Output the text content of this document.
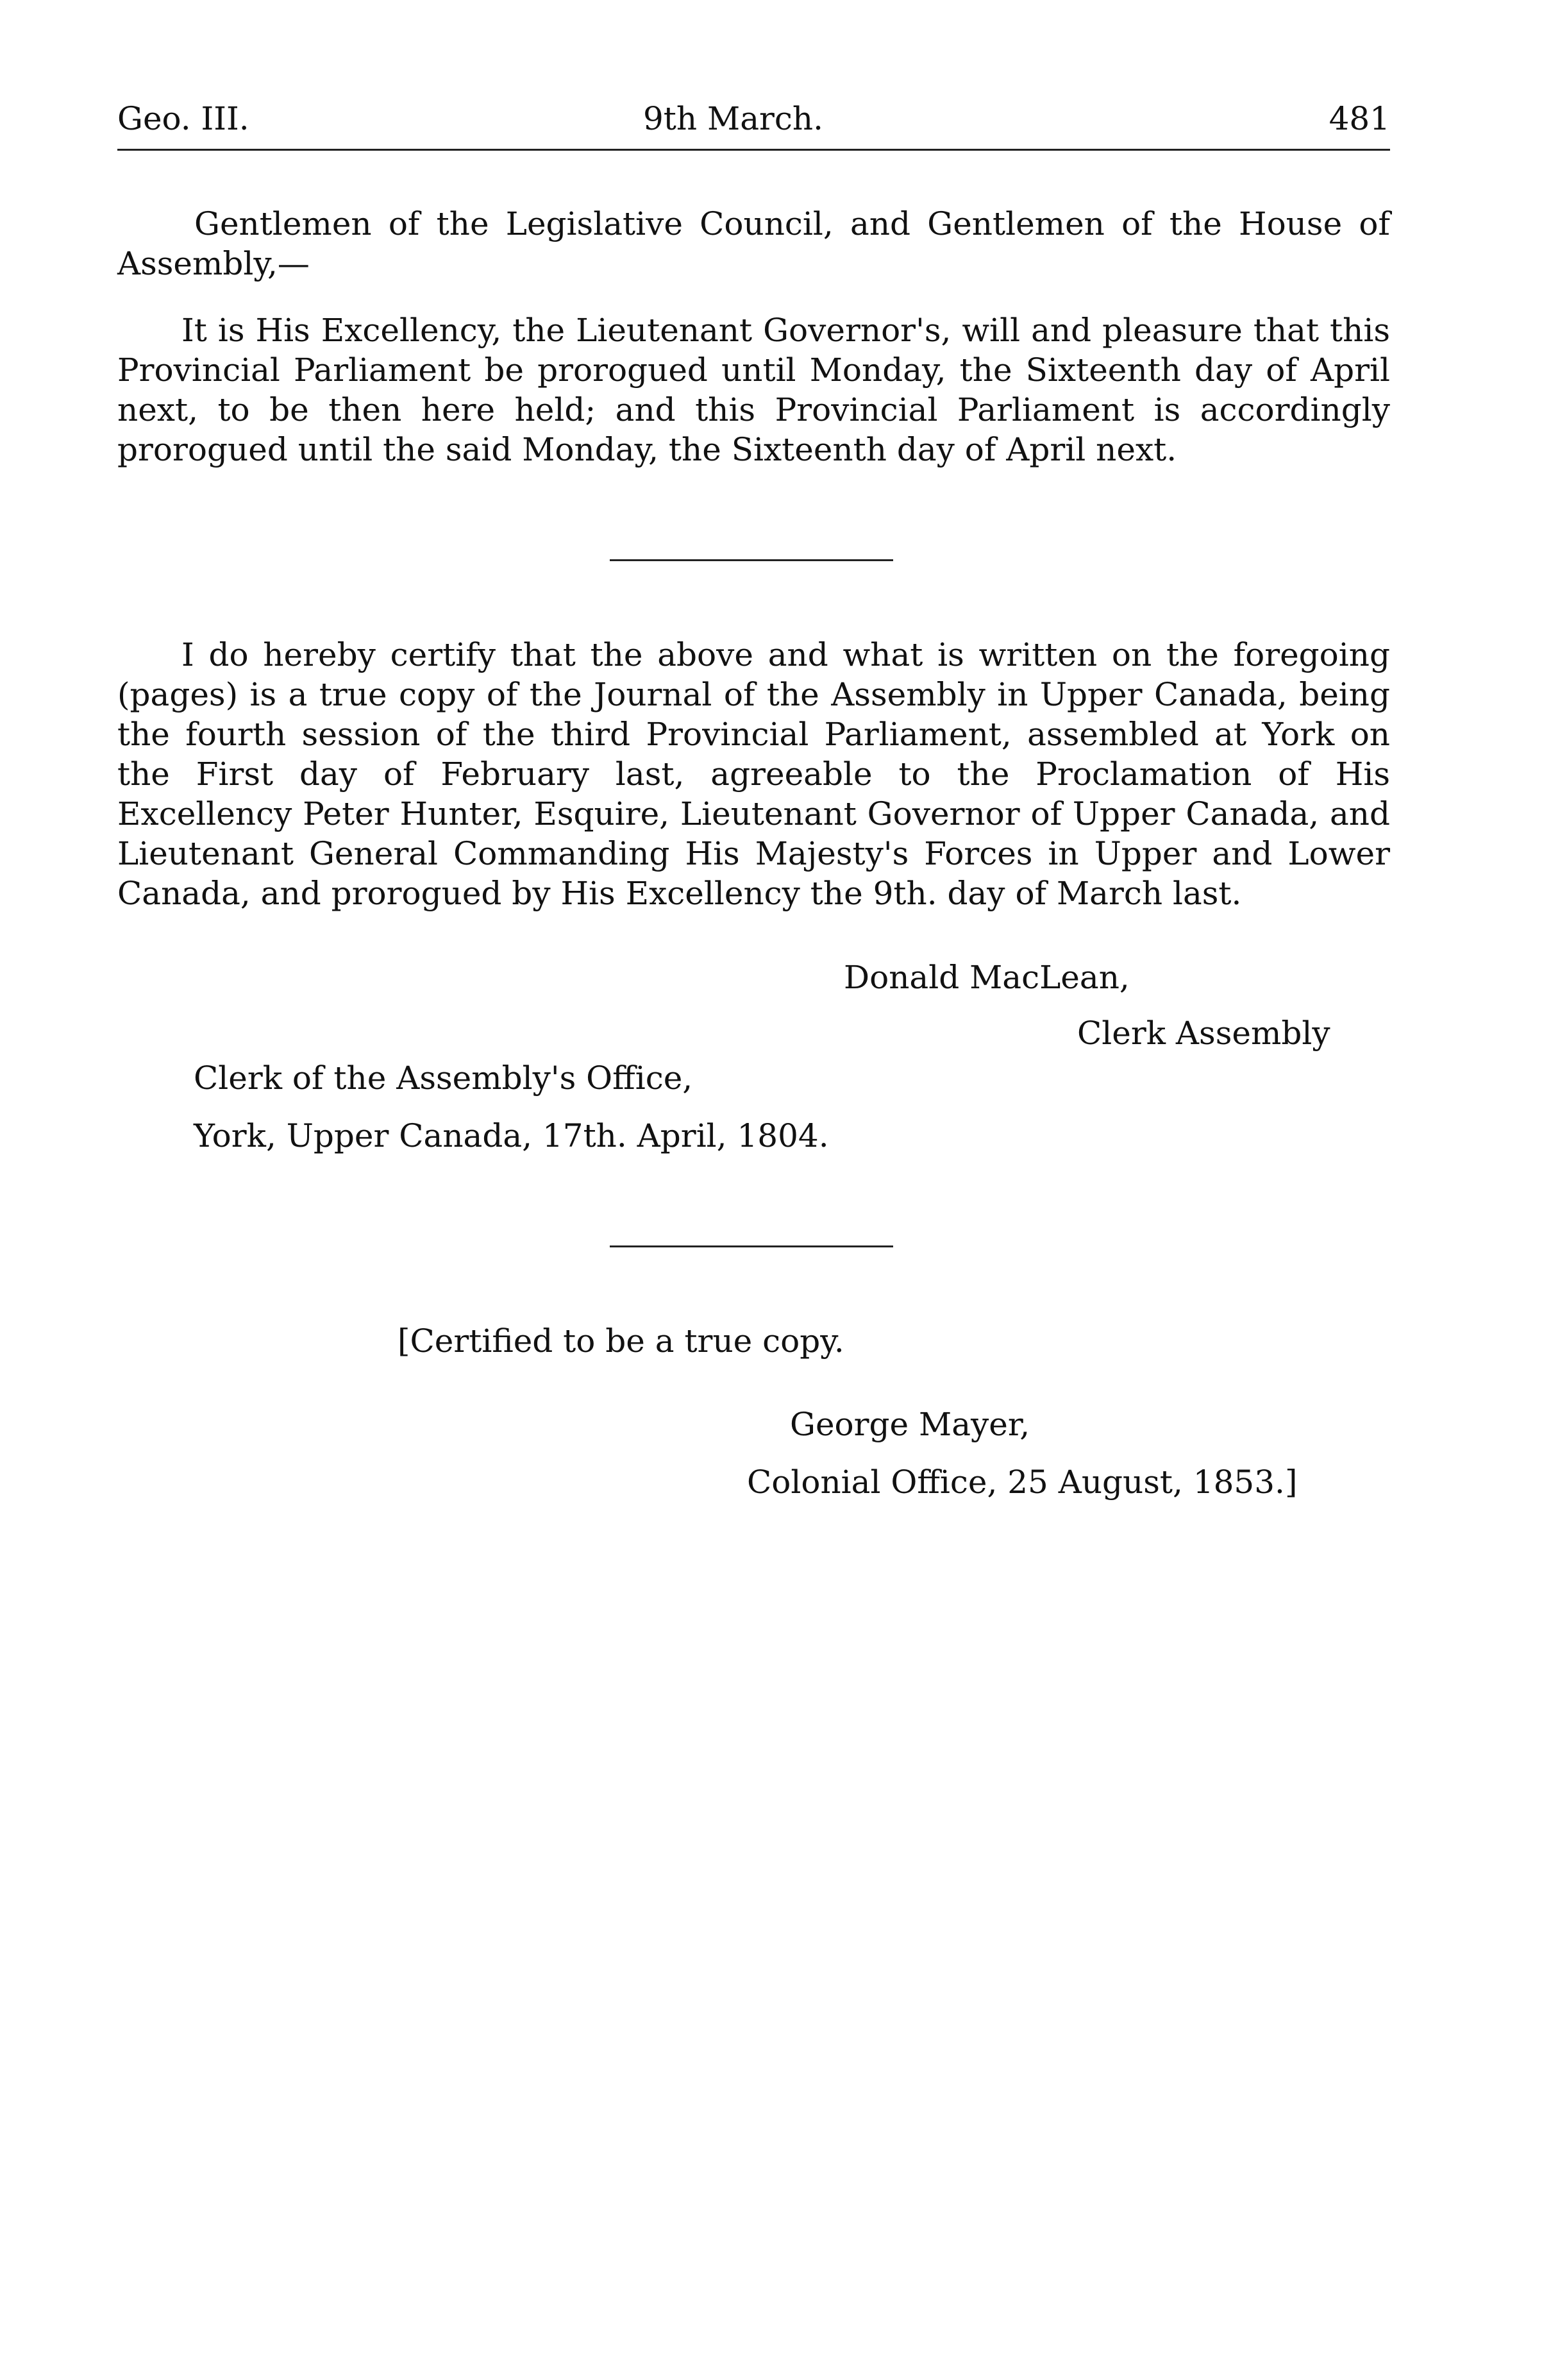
Geo. III.	9th March.	481

Gentlemen of the Legislative Council, and Gentlemen of the House of Assembly,—

It is His Excellency, the Lieutenant Governor's, will and pleasure that this Provincial Parliament be prorogued until Monday, the Sixteenth day of April next, to be then here held; and this Provincial Parliament is accordingly prorogued until the said Monday, the Sixteenth day of April next.

I do hereby certify that the above and what is written on the foregoing (pages) is a true copy of the Journal of the Assembly in Upper Canada, being the fourth session of the third Provincial Parliament, assembled at York on the First day of February last, agreeable to the Proclamation of His Excellency Peter Hunter, Esquire, Lieutenant Governor of Upper Canada, and Lieutenant General Commanding His Majesty's Forces in Upper and Lower Canada, and prorogued by His Excellency the 9th. day of March last.

Donald MacLean,
Clerk Assembly
Clerk of the Assembly's Office,
York, Upper Canada, 17th. April, 1804.
[Certified to be a true copy.
George Mayer,
Colonial Office, 25 August, 1853.]
